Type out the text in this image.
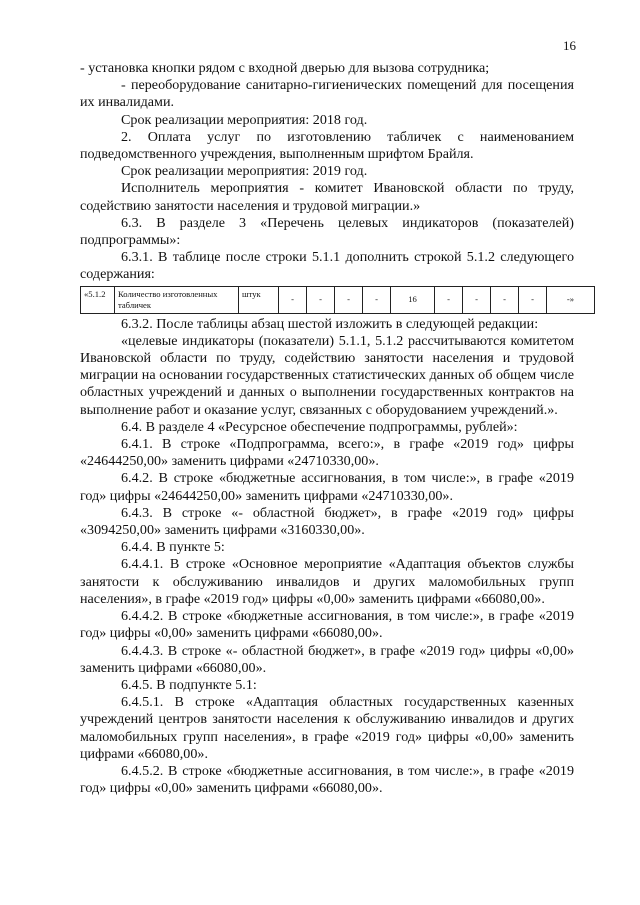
16

- установка кнопки рядом с входной дверью для вызова сотрудника;

- переоборудование санитарно-гигиенических помещений для посещения их инвалидами.

Срок реализации мероприятия: 2018 год.

2. Оплата услуг по изготовлению табличек с наименованием подведомственного учреждения, выполненным шрифтом Брайля.

Срок реализации мероприятия: 2019 год.

Исполнитель мероприятия - комитет Ивановской области по труду, содействию занятости населения и трудовой миграции.»

6.3. В разделе 3 «Перечень целевых индикаторов (показателей) подпрограммы»:

6.3.1. В таблице после строки 5.1.1 дополнить строкой 5.1.2 следующего содержания:

«5.1.2	Количество изготовленных табличек	штук	-	-	-	-	16	-	-	-	-	-»

6.3.2. После таблицы абзац шестой изложить в следующей редакции:

«целевые индикаторы (показатели) 5.1.1, 5.1.2 рассчитываются комитетом Ивановской области по труду, содействию занятости населения и трудовой миграции на основании государственных статистических данных об общем числе областных учреждений и данных о выполнении государственных контрактов на выполнение работ и оказание услуг, связанных с оборудованием учреждений.».

6.4. В разделе 4 «Ресурсное обеспечение подпрограммы, рублей»:

6.4.1. В строке «Подпрограмма, всего:», в графе «2019 год» цифры «24644250,00» заменить цифрами «24710330,00».

6.4.2. В строке «бюджетные ассигнования, в том числе:», в графе «2019 год» цифры «24644250,00» заменить цифрами «24710330,00».

6.4.3. В строке «- областной бюджет», в графе «2019 год» цифры «3094250,00» заменить цифрами «3160330,00».

6.4.4. В пункте 5:

6.4.4.1. В строке «Основное мероприятие «Адаптация объектов службы занятости к обслуживанию инвалидов и других маломобильных групп населения», в графе «2019 год» цифры «0,00» заменить цифрами «66080,00».

6.4.4.2. В строке «бюджетные ассигнования, в том числе:», в графе «2019 год» цифры «0,00» заменить цифрами «66080,00».

6.4.4.3. В строке «- областной бюджет», в графе «2019 год» цифры «0,00» заменить цифрами «66080,00».

6.4.5. В подпункте 5.1:

6.4.5.1. В строке «Адаптация областных государственных казенных учреждений центров занятости населения к обслуживанию инвалидов и других маломобильных групп населения», в графе «2019 год» цифры «0,00» заменить цифрами «66080,00».

6.4.5.2. В строке «бюджетные ассигнования, в том числе:», в графе «2019 год» цифры «0,00» заменить цифрами «66080,00».
